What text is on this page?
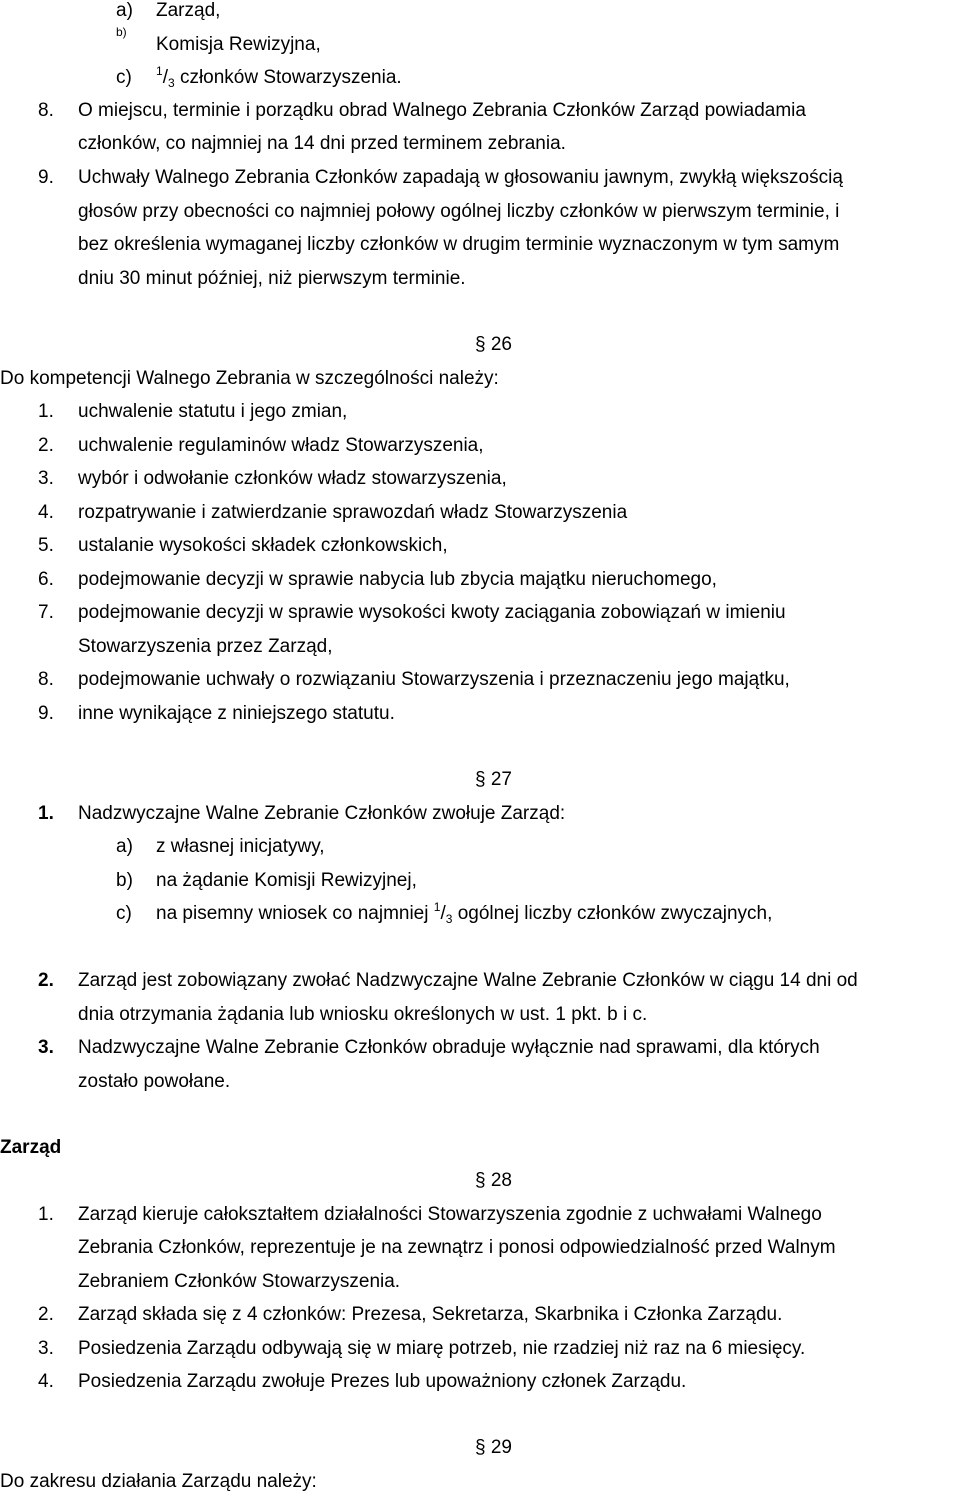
a) Zarząd,
b)
Komisja Rewizyjna,
c) $^1/_3$ członków Stowarzyszenia.
8. O miejscu, terminie i porządku obrad Walnego Zebrania Członków Zarząd powiadamia
członków, co najmniej na 14 dni przed terminem zebrania.
9. Uchwały Walnego Zebrania Członków zapadają w głosowaniu jawnym, zwykłą większością
głosów przy obecności co najmniej połowy ogólnej liczby członków w pierwszym terminie, i
bez określenia wymaganej liczby członków w drugim terminie wyznaczonym w tym samym
dniu 30 minut później, niż pierwszym terminie.
§ 26
Do kompetencji Walnego Zebrania w szczególności należy:
1. uchwalenie statutu i jego zmian,
2. uchwalenie regulaminów władz Stowarzyszenia,
3. wybór i odwołanie członków władz stowarzyszenia,
4. rozpatrywanie i zatwierdzanie sprawozdań władz Stowarzyszenia
5. ustalanie wysokości składek członkowskich,
6. podejmowanie decyzji w sprawie nabycia lub zbycia majątku nieruchomego,
7. podejmowanie decyzji w sprawie wysokości kwoty zaciągania zobowiązań w imieniu
Stowarzyszenia przez Zarząd,
8. podejmowanie uchwały o rozwiązaniu Stowarzyszenia i przeznaczeniu jego majątku,
9. inne wynikające z niniejszego statutu.
§ 27
1. Nadzwyczajne Walne Zebranie Członków zwołuje Zarząd:
a) z własnej inicjatywy,
b) na żądanie Komisji Rewizyjnej,
c) na pisemny wniosek co najmniej $^1/_3$ ogólnej liczby członków zwyczajnych,
2. Zarząd jest zobowiązany zwołać Nadzwyczajne Walne Zebranie Członków w ciągu 14 dni od
dnia otrzymania żądania lub wniosku określonych w ust. 1 pkt. b i c.
3. Nadzwyczajne Walne Zebranie Członków obraduje wyłącznie nad sprawami, dla których
zostało powołane.
Zarząd
§ 28
1. Zarząd kieruje całokształtem działalności Stowarzyszenia zgodnie z uchwałami Walnego
Zebrania Członków, reprezentuje je na zewnątrz i ponosi odpowiedzialność przed Walnym
Zebraniem Członków Stowarzyszenia.
2. Zarząd składa się z 4 członków: Prezesa, Sekretarza, Skarbnika i Członka Zarządu.
3. Posiedzenia Zarządu odbywają się w miarę potrzeb, nie rzadziej niż raz na 6 miesięcy.
4. Posiedzenia Zarządu zwołuje Prezes lub upoważniony członek Zarządu.
§ 29
Do zakresu działania Zarządu należy:
